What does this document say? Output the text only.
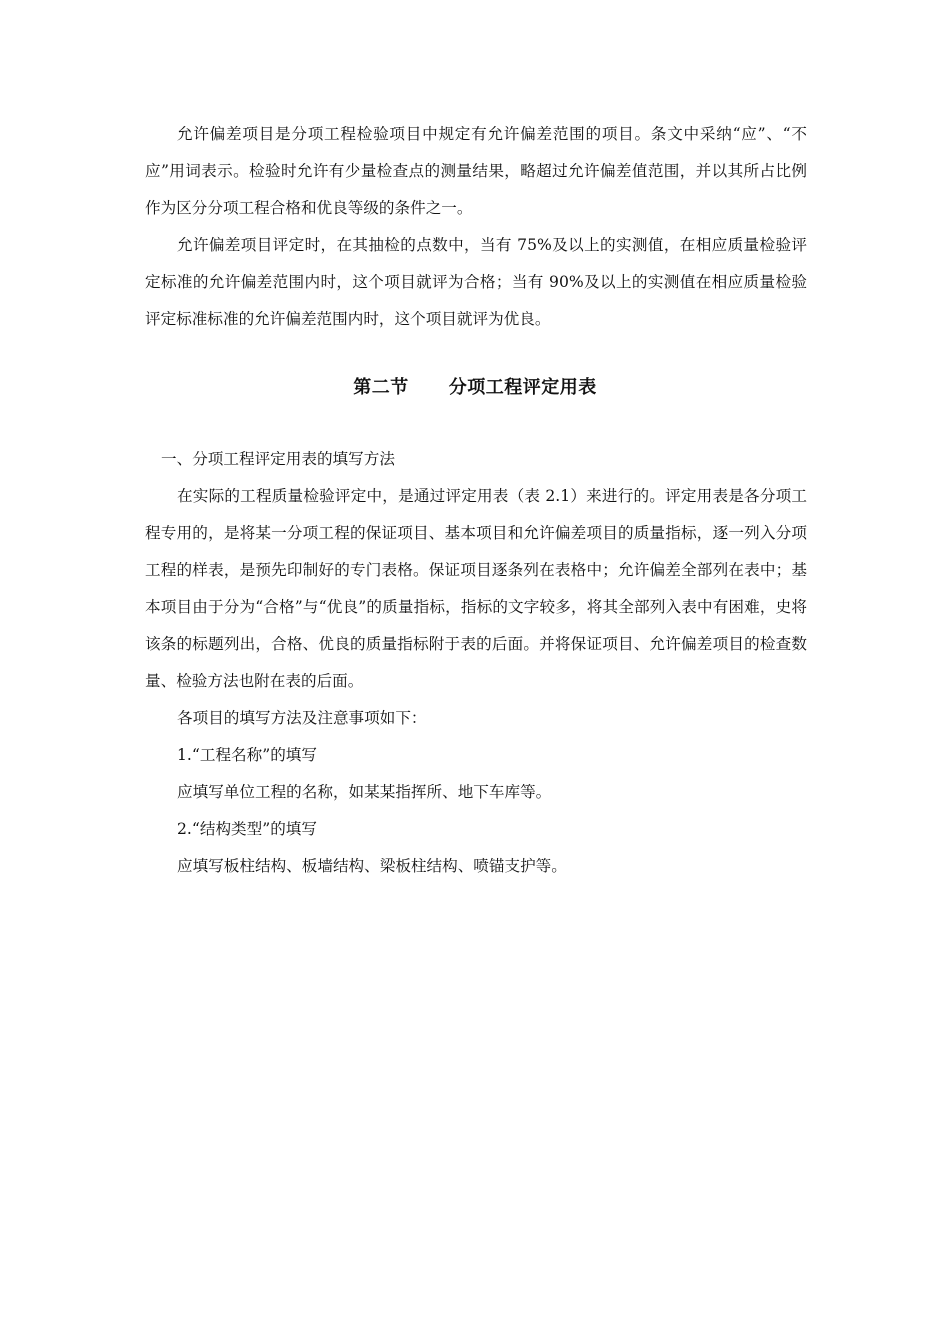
允许偏差项目是分项工程检验项目中规定有允许偏差范围的项目。条文中采纳“应”、“不应”用词表示。检验时允许有少量检查点的测量结果，略超过允许偏差值范围，并以其所占比例作为区分分项工程合格和优良等级的条件之一。

允许偏差项目评定时，在其抽检的点数中，当有 75%及以上的实测值，在相应质量检验评定标准的允许偏差范围内时，这个项目就评为合格；当有 90%及以上的实测值在相应质量检验评定标准标准的允许偏差范围内时，这个项目就评为优良。

第二节 分项工程评定用表

一、分项工程评定用表的填写方法

在实际的工程质量检验评定中，是通过评定用表（表 2.1）来进行的。评定用表是各分项工程专用的，是将某一分项工程的保证项目、基本项目和允许偏差项目的质量指标，逐一列入分项工程的样表，是预先印制好的专门表格。保证项目逐条列在表格中；允许偏差全部列在表中；基本项目由于分为“合格”与“优良”的质量指标，指标的文字较多，将其全部列入表中有困难，史将该条的标题列出，合格、优良的质量指标附于表的后面。并将保证项目、允许偏差项目的检查数量、检验方法也附在表的后面。

各项目的填写方法及注意事项如下：

1.“工程名称”的填写

应填写单位工程的名称，如某某指挥所、地下车库等。

2.“结构类型”的填写

应填写板柱结构、板墙结构、梁板柱结构、喷锚支护等。
